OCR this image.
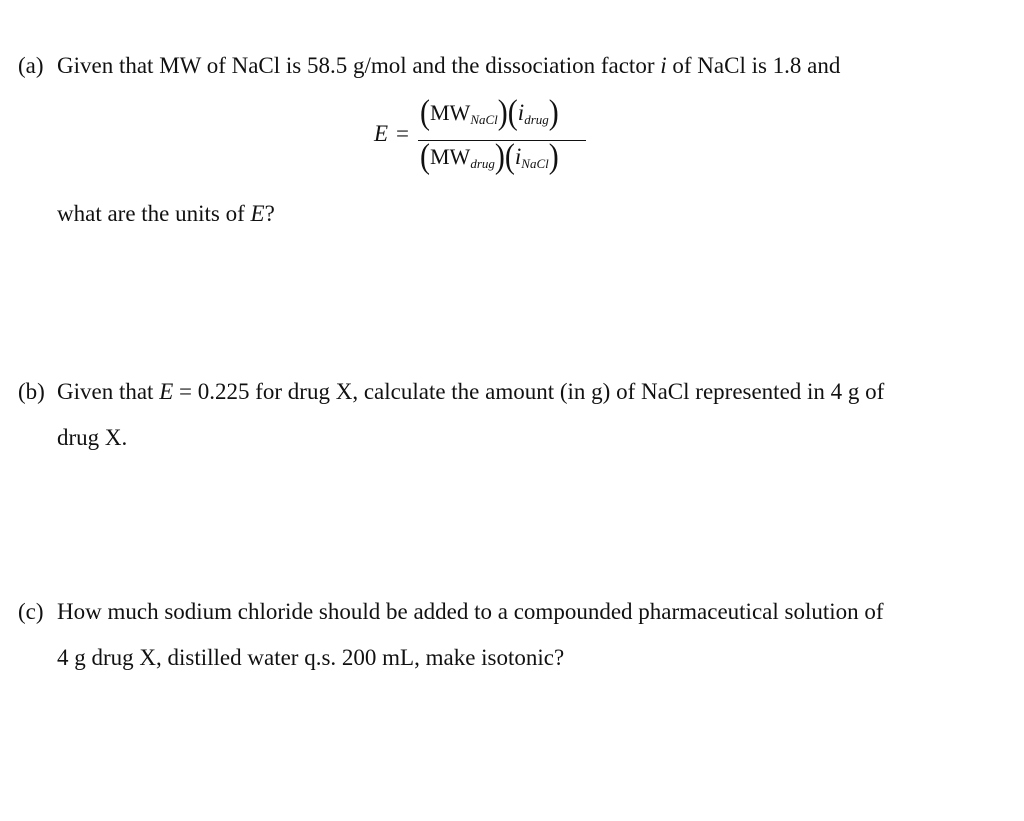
(a) Given that MW of NaCl is 58.5 g/mol and the dissociation factor i of NaCl is 1.8 and
what are the units of E?
E =
$(MW_{NaCl})(i_{drug})$
$(MW_{drug})(i_{NaCl})$
(b) Given that E = 0.225 for drug X, calculate the amount (in g) of NaCl represented in 4 g of
drug X.
(c) How much sodium chloride should be added to a compounded pharmaceutical solution of
4 g drug X, distilled water q.s. 200 mL, make isotonic?
